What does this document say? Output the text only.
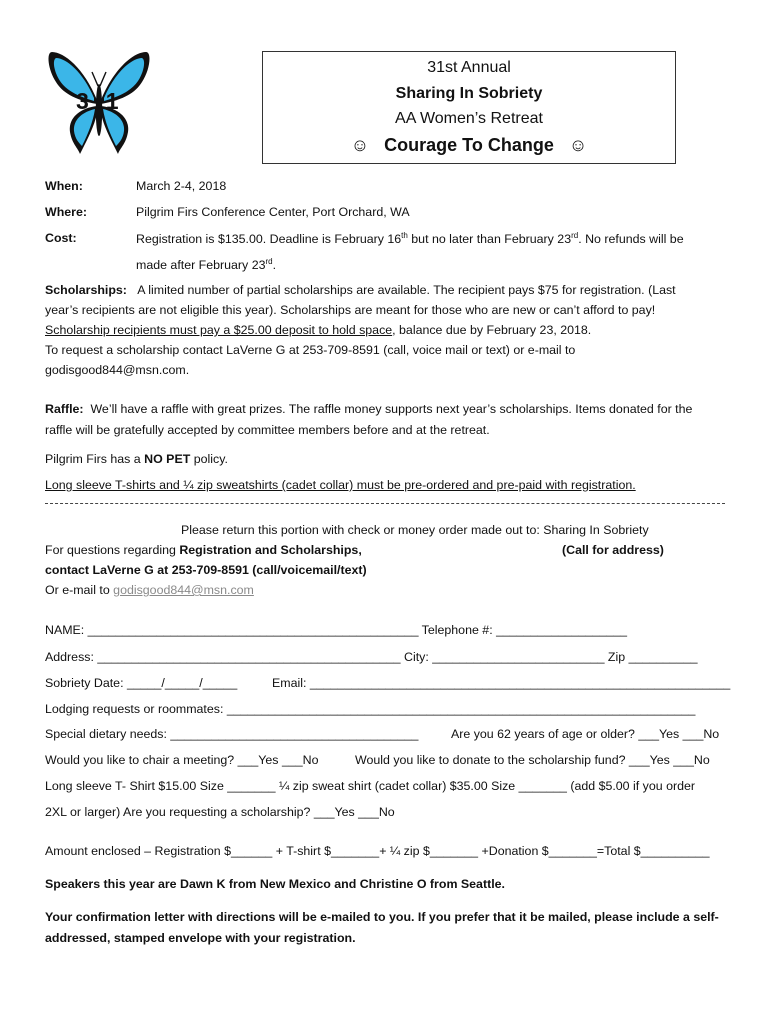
31
31st Annual
Sharing In Sobriety
AA Women’s Retreat
☺ Courage To Change ☺
When:	March 2-4, 2018
Where:	Pilgrim Firs Conference Center, Port Orchard, WA
Cost:	Registration is $135.00. Deadline is February 16th but no later than February 23rd. No refunds will be
made after February 23rd.
Scholarships: A limited number of partial scholarships are available. The recipient pays $75 for registration. (Last
year’s recipients are not eligible this year). Scholarships are meant for those who are new or can’t afford to pay!
Scholarship recipients must pay a $25.00 deposit to hold space, balance due by February 23, 2018.
To request a scholarship contact LaVerne G at 253-709-8591 (call, voice mail or text) or e-mail to
godisgood844@msn.com.
Raffle: We’ll have a raffle with great prizes. The raffle money supports next year’s scholarships. Items donated for the
raffle will be gratefully accepted by committee members before and at the retreat.
Pilgrim Firs has a NO PET policy.
Long sleeve T-shirts and ¼ zip sweatshirts (cadet collar) must be pre-ordered and pre-paid with registration.
Please return this portion with check or money order made out to: Sharing In Sobriety
For questions regarding Registration and Scholarships,	(Call for address)
contact LaVerne G at 253-709-8591 (call/voicemail/text)
Or e-mail to godisgood844@msn.com
NAME: ________________________________________________ Telephone #: ___________________
Address: ____________________________________________ City: _________________________ Zip __________
Sobriety Date: _____/_____/_____	Email: _____________________________________________________________
Lodging requests or roommates: ____________________________________________________________________
Special dietary needs: ____________________________________	Are you 62 years of age or older? ___Yes ___No
Would you like to chair a meeting? ___Yes ___No	Would you like to donate to the scholarship fund? ___Yes ___No
Long sleeve T- Shirt $15.00 Size _______ ¼ zip sweat shirt (cadet collar) $35.00 Size _______ (add $5.00 if you order
2XL or larger) Are you requesting a scholarship? ___Yes ___No
Amount enclosed – Registration $______ + T-shirt $_______+ ¼ zip $_______ +Donation $_______=Total $__________
Speakers this year are Dawn K from New Mexico and Christine O from Seattle.
Your confirmation letter with directions will be e-mailed to you. If you prefer that it be mailed, please include a self-
addressed, stamped envelope with your registration.
